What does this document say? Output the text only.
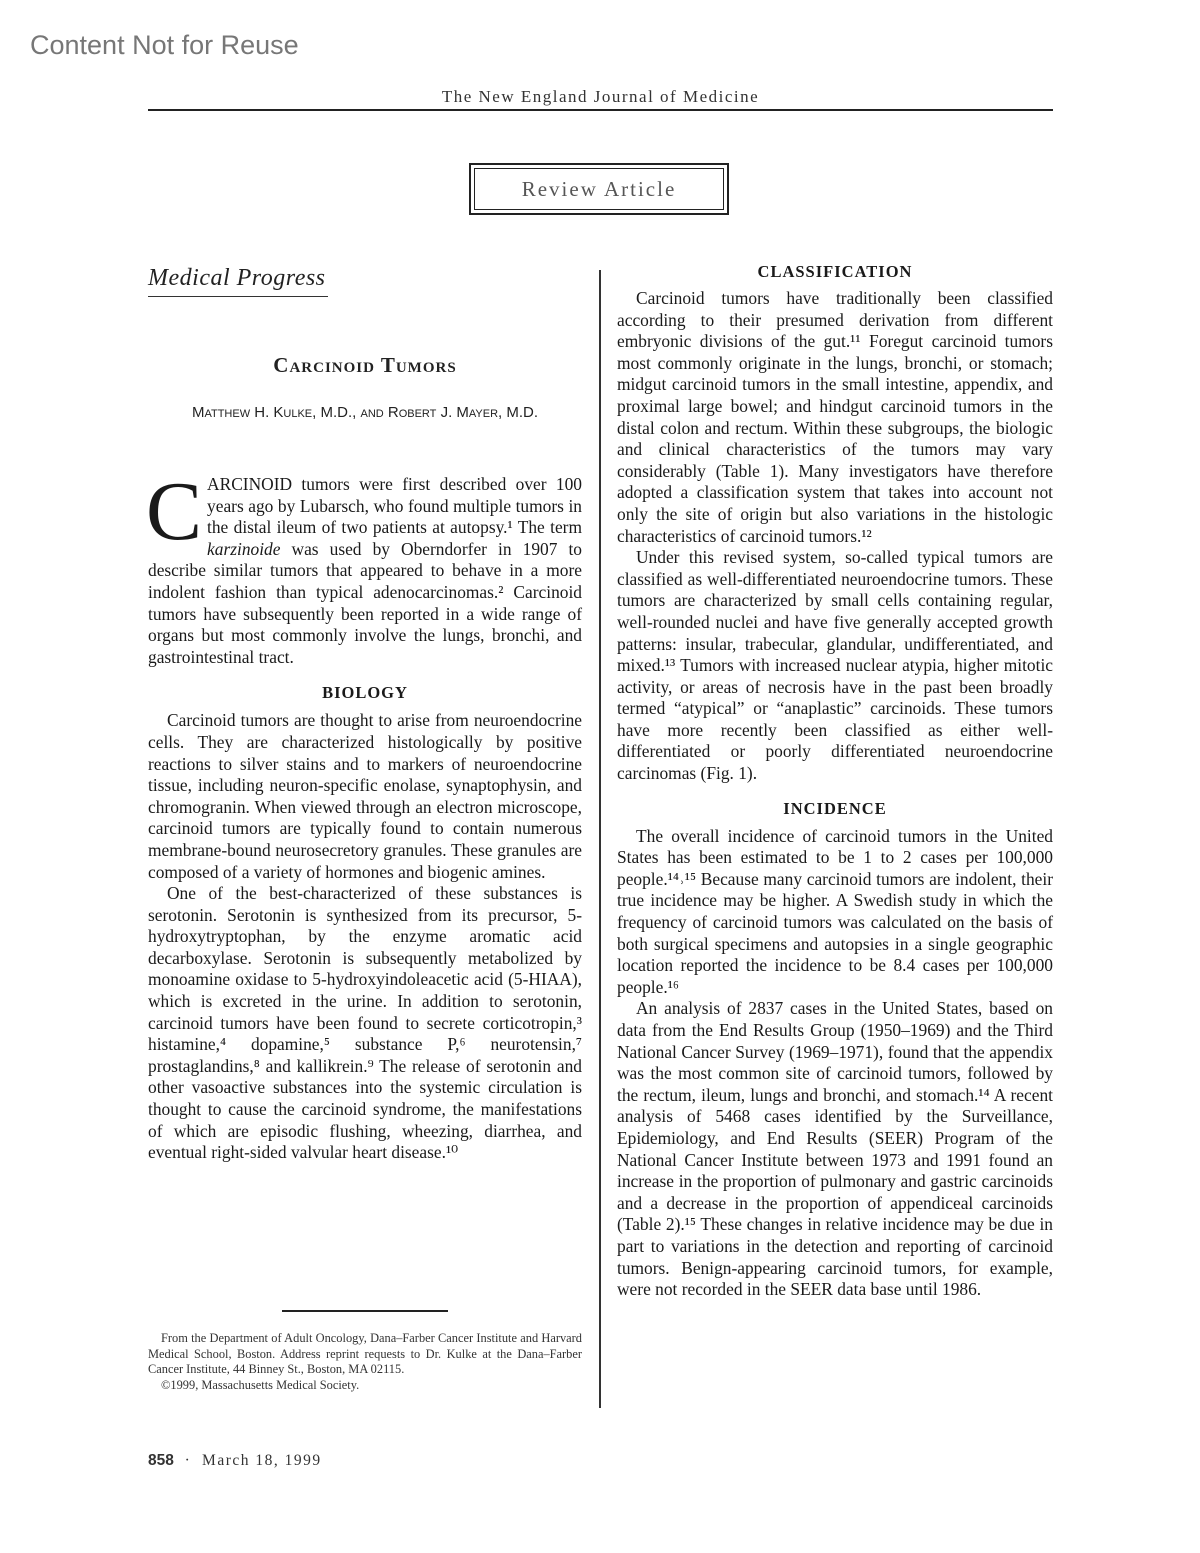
Content Not for Reuse
The New England Journal of Medicine
Review Article
Medical Progress
Carcinoid Tumors
Matthew H. Kulke, M.D., and Robert J. Mayer, M.D.

CARCINOID tumors were first described over 100 years ago by Lubarsch, who found multiple tumors in the distal ileum of two patients at autopsy.¹ The term karzinoide was used by Oberndorfer in 1907 to describe similar tumors that appeared to behave in a more indolent fashion than typical adenocarcinomas.² Carcinoid tumors have subsequently been reported in a wide range of organs but most commonly involve the lungs, bronchi, and gastrointestinal tract.

BIOLOGY

Carcinoid tumors are thought to arise from neuroendocrine cells. They are characterized histologically by positive reactions to silver stains and to markers of neuroendocrine tissue, including neuron-specific enolase, synaptophysin, and chromogranin. When viewed through an electron microscope, carcinoid tumors are typically found to contain numerous membrane-bound neurosecretory granules. These granules are composed of a variety of hormones and biogenic amines.

One of the best-characterized of these substances is serotonin. Serotonin is synthesized from its precursor, 5-hydroxytryptophan, by the enzyme aromatic acid decarboxylase. Serotonin is subsequently metabolized by monoamine oxidase to 5-hydroxyindoleacetic acid (5-HIAA), which is excreted in the urine. In addition to serotonin, carcinoid tumors have been found to secrete corticotropin,³ histamine,⁴ dopamine,⁵ substance P,⁶ neurotensin,⁷ prostaglandins,⁸ and kallikrein.⁹ The release of serotonin and other vasoactive substances into the systemic circulation is thought to cause the carcinoid syndrome, the manifestations of which are episodic flushing, wheezing, diarrhea, and eventual right-sided valvular heart disease.¹⁰

CLASSIFICATION

Carcinoid tumors have traditionally been classified according to their presumed derivation from different embryonic divisions of the gut.¹¹ Foregut carcinoid tumors most commonly originate in the lungs, bronchi, or stomach; midgut carcinoid tumors in the small intestine, appendix, and proximal large bowel; and hindgut carcinoid tumors in the distal colon and rectum. Within these subgroups, the biologic and clinical characteristics of the tumors may vary considerably (Table 1). Many investigators have therefore adopted a classification system that takes into account not only the site of origin but also variations in the histologic characteristics of carcinoid tumors.¹²

Under this revised system, so-called typical tumors are classified as well-differentiated neuroendocrine tumors. These tumors are characterized by small cells containing regular, well-rounded nuclei and have five generally accepted growth patterns: insular, trabecular, glandular, undifferentiated, and mixed.¹³ Tumors with increased nuclear atypia, higher mitotic activity, or areas of necrosis have in the past been broadly termed “atypical” or “anaplastic” carcinoids. These tumors have more recently been classified as either well-differentiated or poorly differentiated neuroendocrine carcinomas (Fig. 1).

INCIDENCE

The overall incidence of carcinoid tumors in the United States has been estimated to be 1 to 2 cases per 100,000 people.¹⁴˒¹⁵ Because many carcinoid tumors are indolent, their true incidence may be higher. A Swedish study in which the frequency of carcinoid tumors was calculated on the basis of both surgical specimens and autopsies in a single geographic location reported the incidence to be 8.4 cases per 100,000 people.¹⁶

An analysis of 2837 cases in the United States, based on data from the End Results Group (1950–1969) and the Third National Cancer Survey (1969–1971), found that the appendix was the most common site of carcinoid tumors, followed by the rectum, ileum, lungs and bronchi, and stomach.¹⁴ A recent analysis of 5468 cases identified by the Surveillance, Epidemiology, and End Results (SEER) Program of the National Cancer Institute between 1973 and 1991 found an increase in the proportion of pulmonary and gastric carcinoids and a decrease in the proportion of appendiceal carcinoids (Table 2).¹⁵ These changes in relative incidence may be due in part to variations in the detection and reporting of carcinoid tumors. Benign-appearing carcinoid tumors, for example, were not recorded in the SEER data base until 1986.

From the Department of Adult Oncology, Dana–Farber Cancer Institute and Harvard Medical School, Boston. Address reprint requests to Dr. Kulke at the Dana–Farber Cancer Institute, 44 Binney St., Boston, MA 02115.

©1999, Massachusetts Medical Society.

858 · March 18, 1999
